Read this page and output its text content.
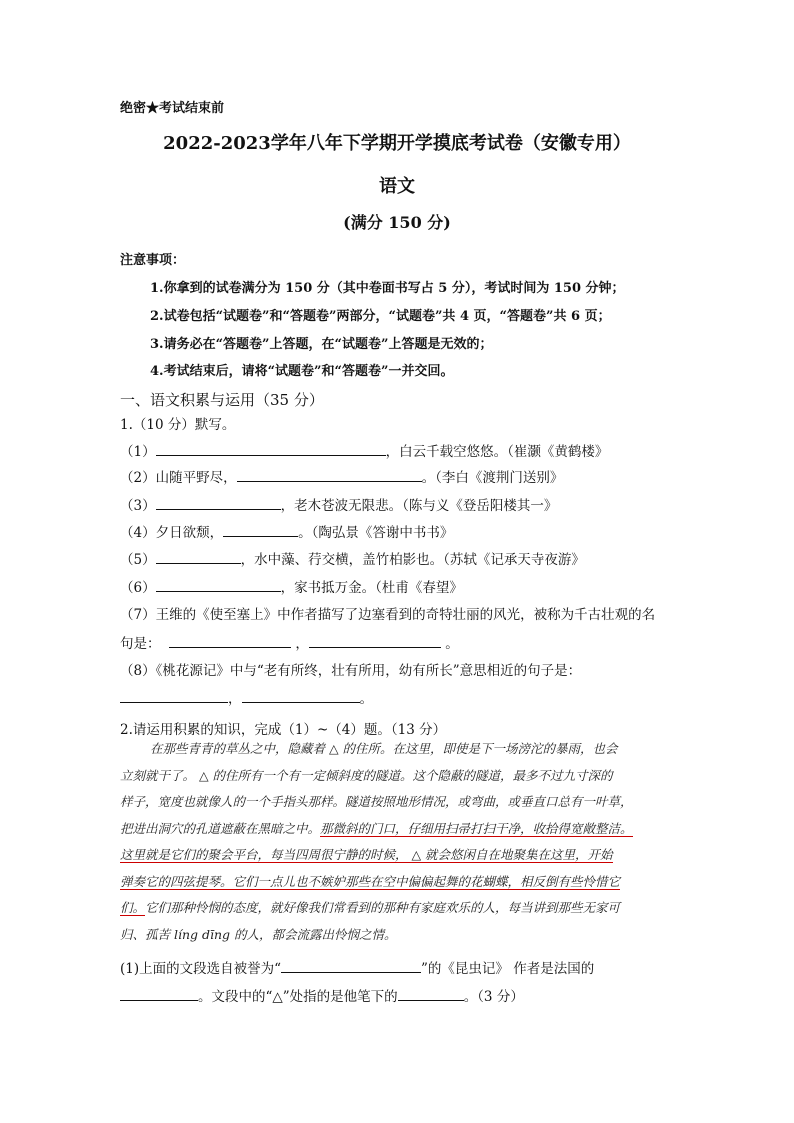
绝密★考试结束前
2022-2023学年八年下学期开学摸底考试卷（安徽专用）
语文
(满分 150 分)
注意事项：
1.你拿到的试卷满分为 150 分（其中卷面书写占 5 分），考试时间为 150 分钟；
2.试卷包括“试题卷”和“答题卷”两部分，“试题卷”共 4 页，“答题卷”共 6 页；
3.请务必在“答题卷”上答题，在“试题卷”上答题是无效的；
4.考试结束后，请将“试题卷”和“答题卷”一并交回。
一、语文积累与运用（35 分）
1.（10 分）默写。
（1）	，白云千载空悠悠。（崔灏《黄鹤楼》
（2）山随平野尽，	。（李白《渡荆门送别》
（3）	，老木苍波无限悲。（陈与义《登岳阳楼其一》
（4）夕日欲颓，	。（陶弘景《答谢中书书》
（5）	，水中藻、荇交横，盖竹柏影也。（苏轼《记承天寺夜游》
（6）	，家书抵万金。（杜甫《春望》
（7）王维的《使至塞上》中作者描写了边塞看到的奇特壮丽的风光，被称为千古壮观的名
句是：	，	。
（8）《桃花源记》中与“老有所终，壮有所用，幼有所长”意思相近的句子是：
，	。
2.请运用积累的知识，完成（1）~（4）题。（13 分）
在那些青青的草丛之中，隐藏着 △ 的住所。在这里，即使是下一场滂沱的暴雨，也会
立刻就干了。 △ 的住所有一个有一定倾斜度的隧道。这个隐蔽的隧道，最多不过九寸深的
样子，宽度也就像人的一个手指头那样。隧道按照地形情况，或弯曲，或垂直口总有一叶草，
把进出洞穴的孔道遮蔽在黑暗之中。那微斜的门口，仔细用扫帚打扫干净，收拾得宽敞整洁。
这里就是它们的聚会平台，每当四周很宁静的时候， △ 就会悠闲自在地聚集在这里，开始
弹奏它的四弦提琴。它们一点儿也不嫉妒那些在空中偏偏起舞的花蝴蝶，相反倒有些怜惜它
们。它们那种怜悯的态度，就好像我们常看到的那种有家庭欢乐的人，每当讲到那些无家可
归、孤苦 líng dīng 的人，都会流露出怜悯之情。
(1)上面的文段选自被誉为“	”的《昆虫记》 作者是法国的
。文段中的“△”处指的是他笔下的	。（3 分）
